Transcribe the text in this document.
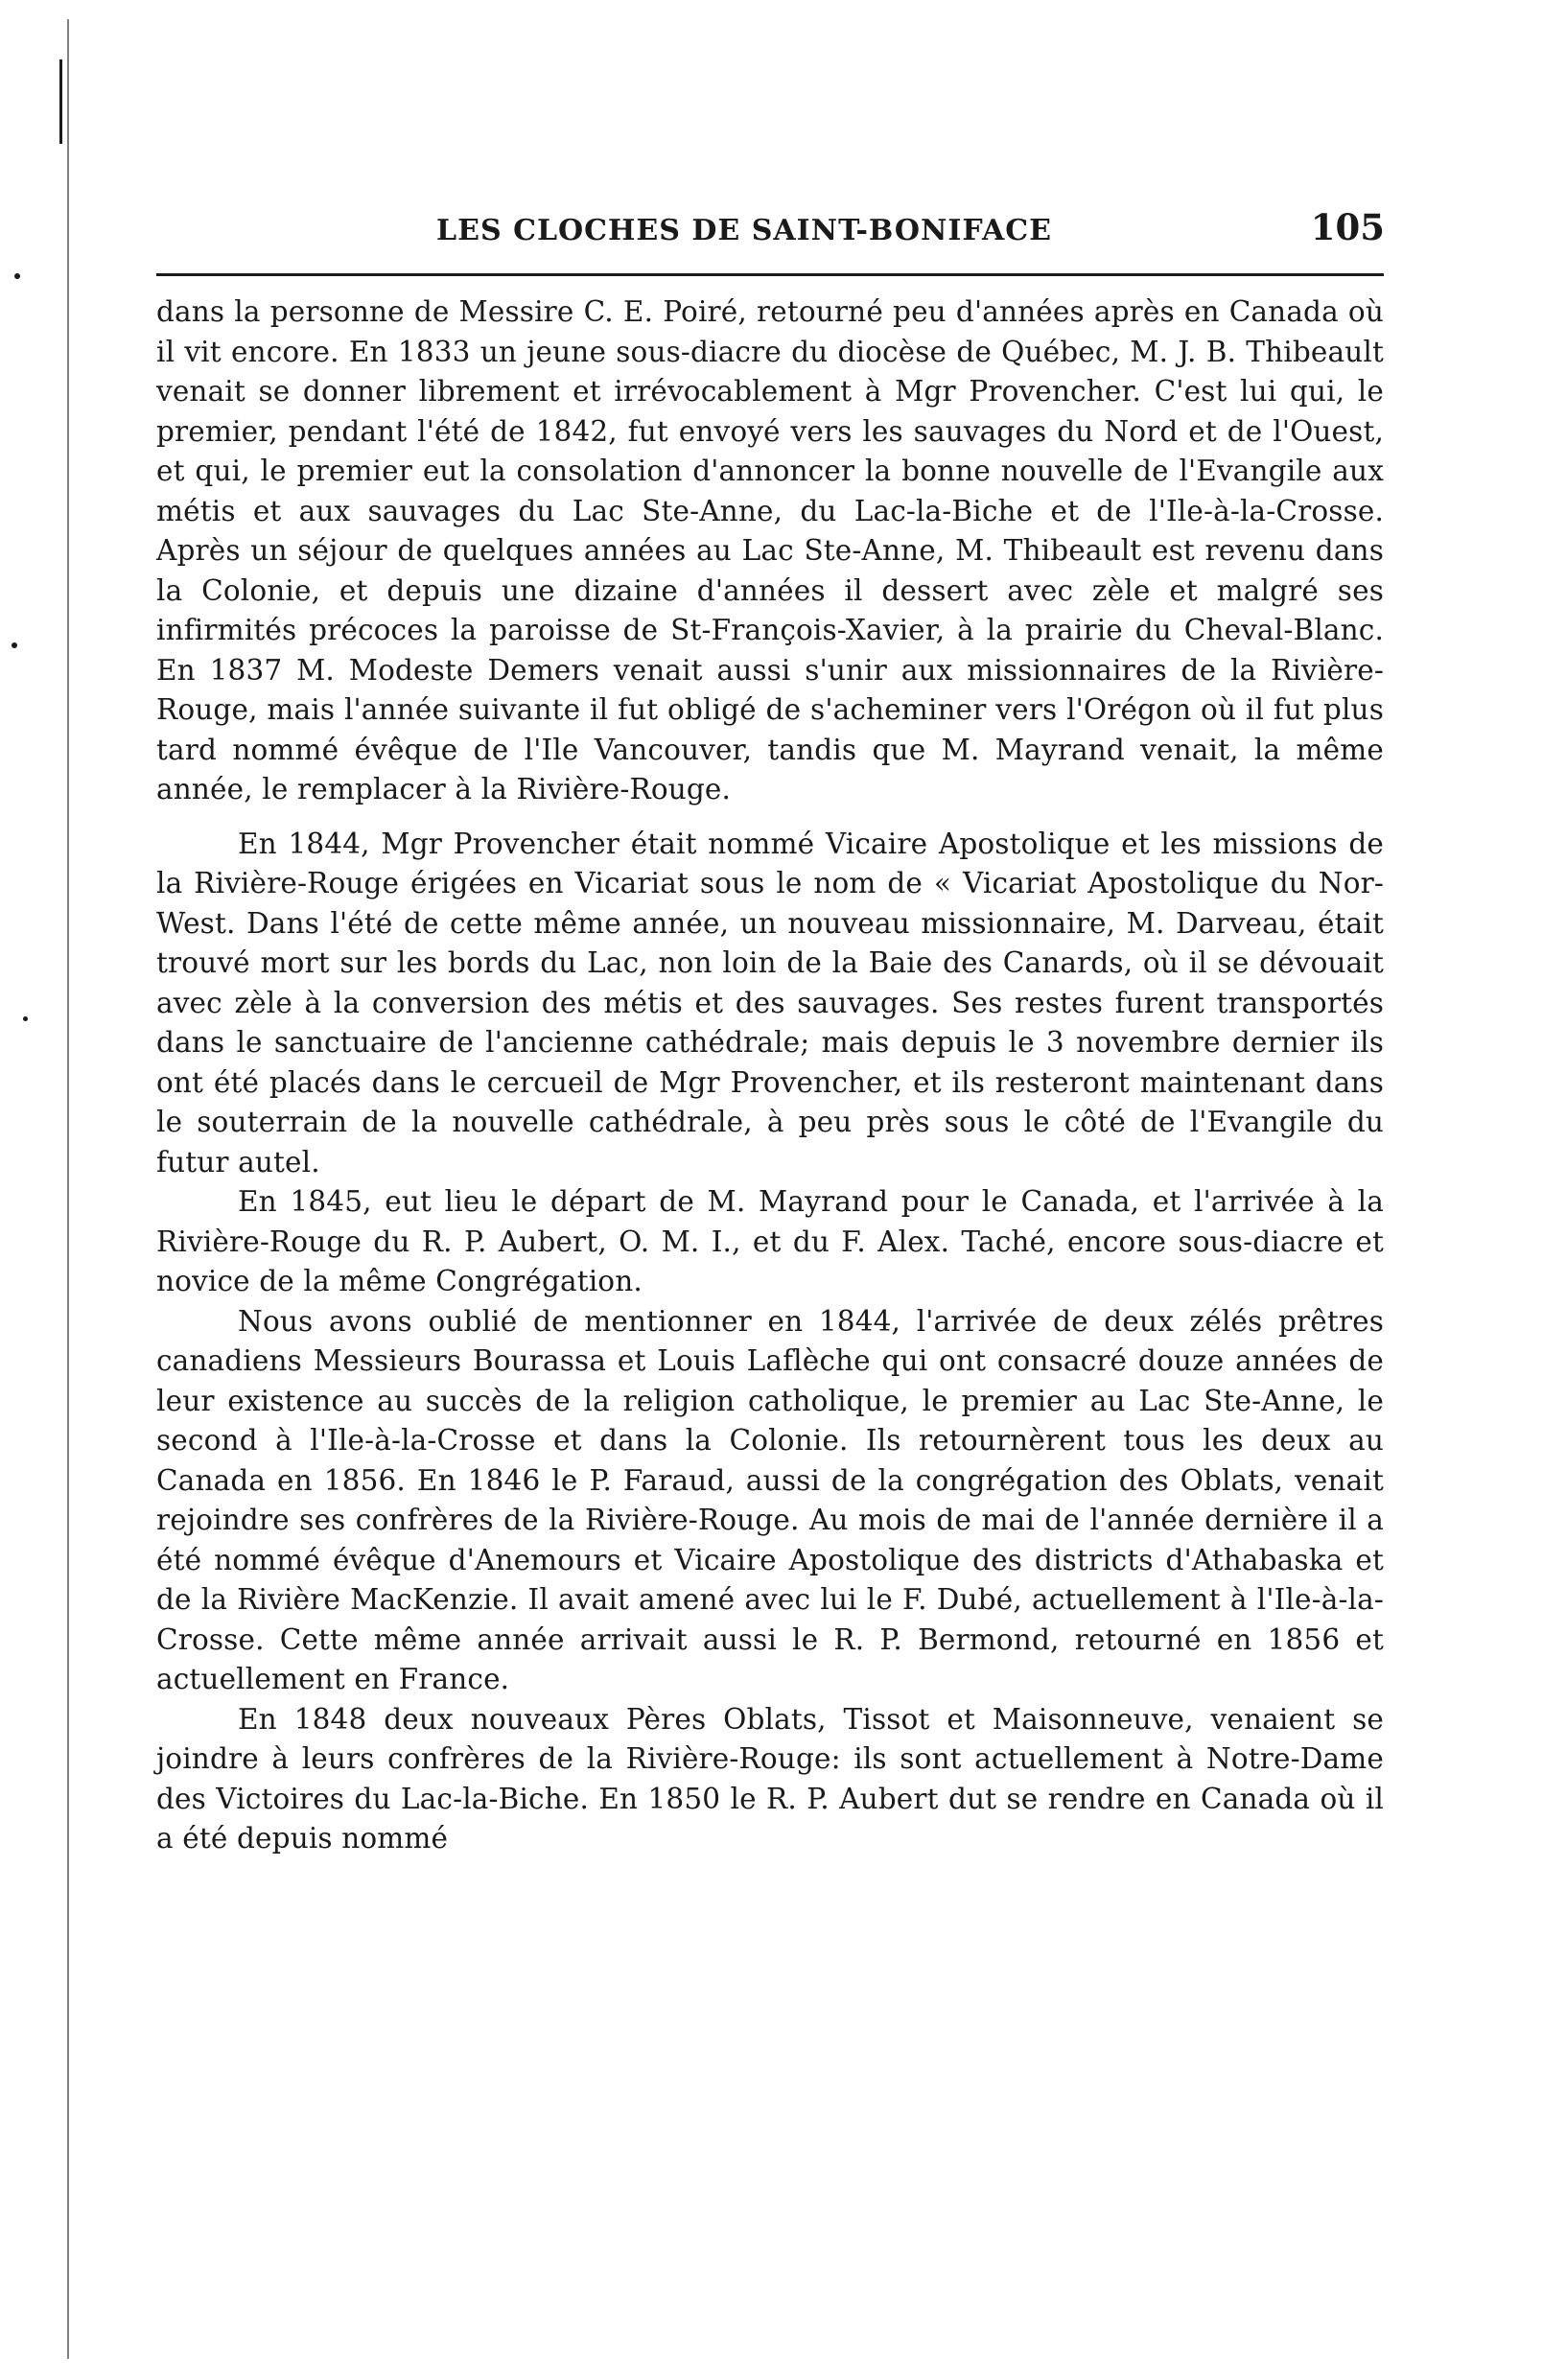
LES CLOCHES DE SAINT-BONIFACE	105

dans la personne de Messire C. E. Poiré, retourné peu d'années après en Canada où il vit encore. En 1833 un jeune sous-diacre du diocèse de Québec, M. J. B. Thibeault venait se donner librement et irrévocablement à Mgr Provencher. C'est lui qui, le premier, pendant l'été de 1842, fut envoyé vers les sauvages du Nord et de l'Ouest, et qui, le premier eut la consolation d'annoncer la bonne nouvelle de l'Evangile aux métis et aux sauvages du Lac Ste-Anne, du Lac-la-Biche et de l'Ile-à-la-Crosse. Après un séjour de quelques années au Lac Ste-Anne, M. Thibeault est revenu dans la Colonie, et depuis une dizaine d'années il dessert avec zèle et malgré ses infirmités précoces la paroisse de St-François-Xavier, à la prairie du Cheval-Blanc. En 1837 M. Modeste Demers venait aussi s'unir aux missionnaires de la Rivière-Rouge, mais l'année suivante il fut obligé de s'acheminer vers l'Orégon où il fut plus tard nommé évêque de l'Ile Vancouver, tandis que M. Mayrand venait, la même année, le remplacer à la Rivière-Rouge.

En 1844, Mgr Provencher était nommé Vicaire Apostolique et les missions de la Rivière-Rouge érigées en Vicariat sous le nom de « Vicariat Apostolique du Nor-West. Dans l'été de cette même année, un nouveau missionnaire, M. Darveau, était trouvé mort sur les bords du Lac, non loin de la Baie des Canards, où il se dévouait avec zèle à la conversion des métis et des sauvages. Ses restes furent transportés dans le sanctuaire de l'ancienne cathédrale; mais depuis le 3 novembre dernier ils ont été placés dans le cercueil de Mgr Provencher, et ils resteront maintenant dans le souterrain de la nouvelle cathédrale, à peu près sous le côté de l'Evangile du futur autel.

En 1845, eut lieu le départ de M. Mayrand pour le Canada, et l'arrivée à la Rivière-Rouge du R. P. Aubert, O. M. I., et du F. Alex. Taché, encore sous-diacre et novice de la même Congrégation.

Nous avons oublié de mentionner en 1844, l'arrivée de deux zélés prêtres canadiens Messieurs Bourassa et Louis Laflèche qui ont consacré douze années de leur existence au succès de la religion catholique, le premier au Lac Ste-Anne, le second à l'Ile-à-la-Crosse et dans la Colonie. Ils retournèrent tous les deux au Canada en 1856. En 1846 le P. Faraud, aussi de la congrégation des Oblats, venait rejoindre ses confrères de la Rivière-Rouge. Au mois de mai de l'année dernière il a été nommé évêque d'Anemours et Vicaire Apostolique des districts d'Athabaska et de la Rivière MacKenzie. Il avait amené avec lui le F. Dubé, actuellement à l'Ile-à-la-Crosse. Cette même année arrivait aussi le R. P. Bermond, retourné en 1856 et actuellement en France.

En 1848 deux nouveaux Pères Oblats, Tissot et Maisonneuve, venaient se joindre à leurs confrères de la Rivière-Rouge: ils sont actuellement à Notre-Dame des Victoires du Lac-la-Biche. En 1850 le R. P. Aubert dut se rendre en Canada où il a été depuis nommé
